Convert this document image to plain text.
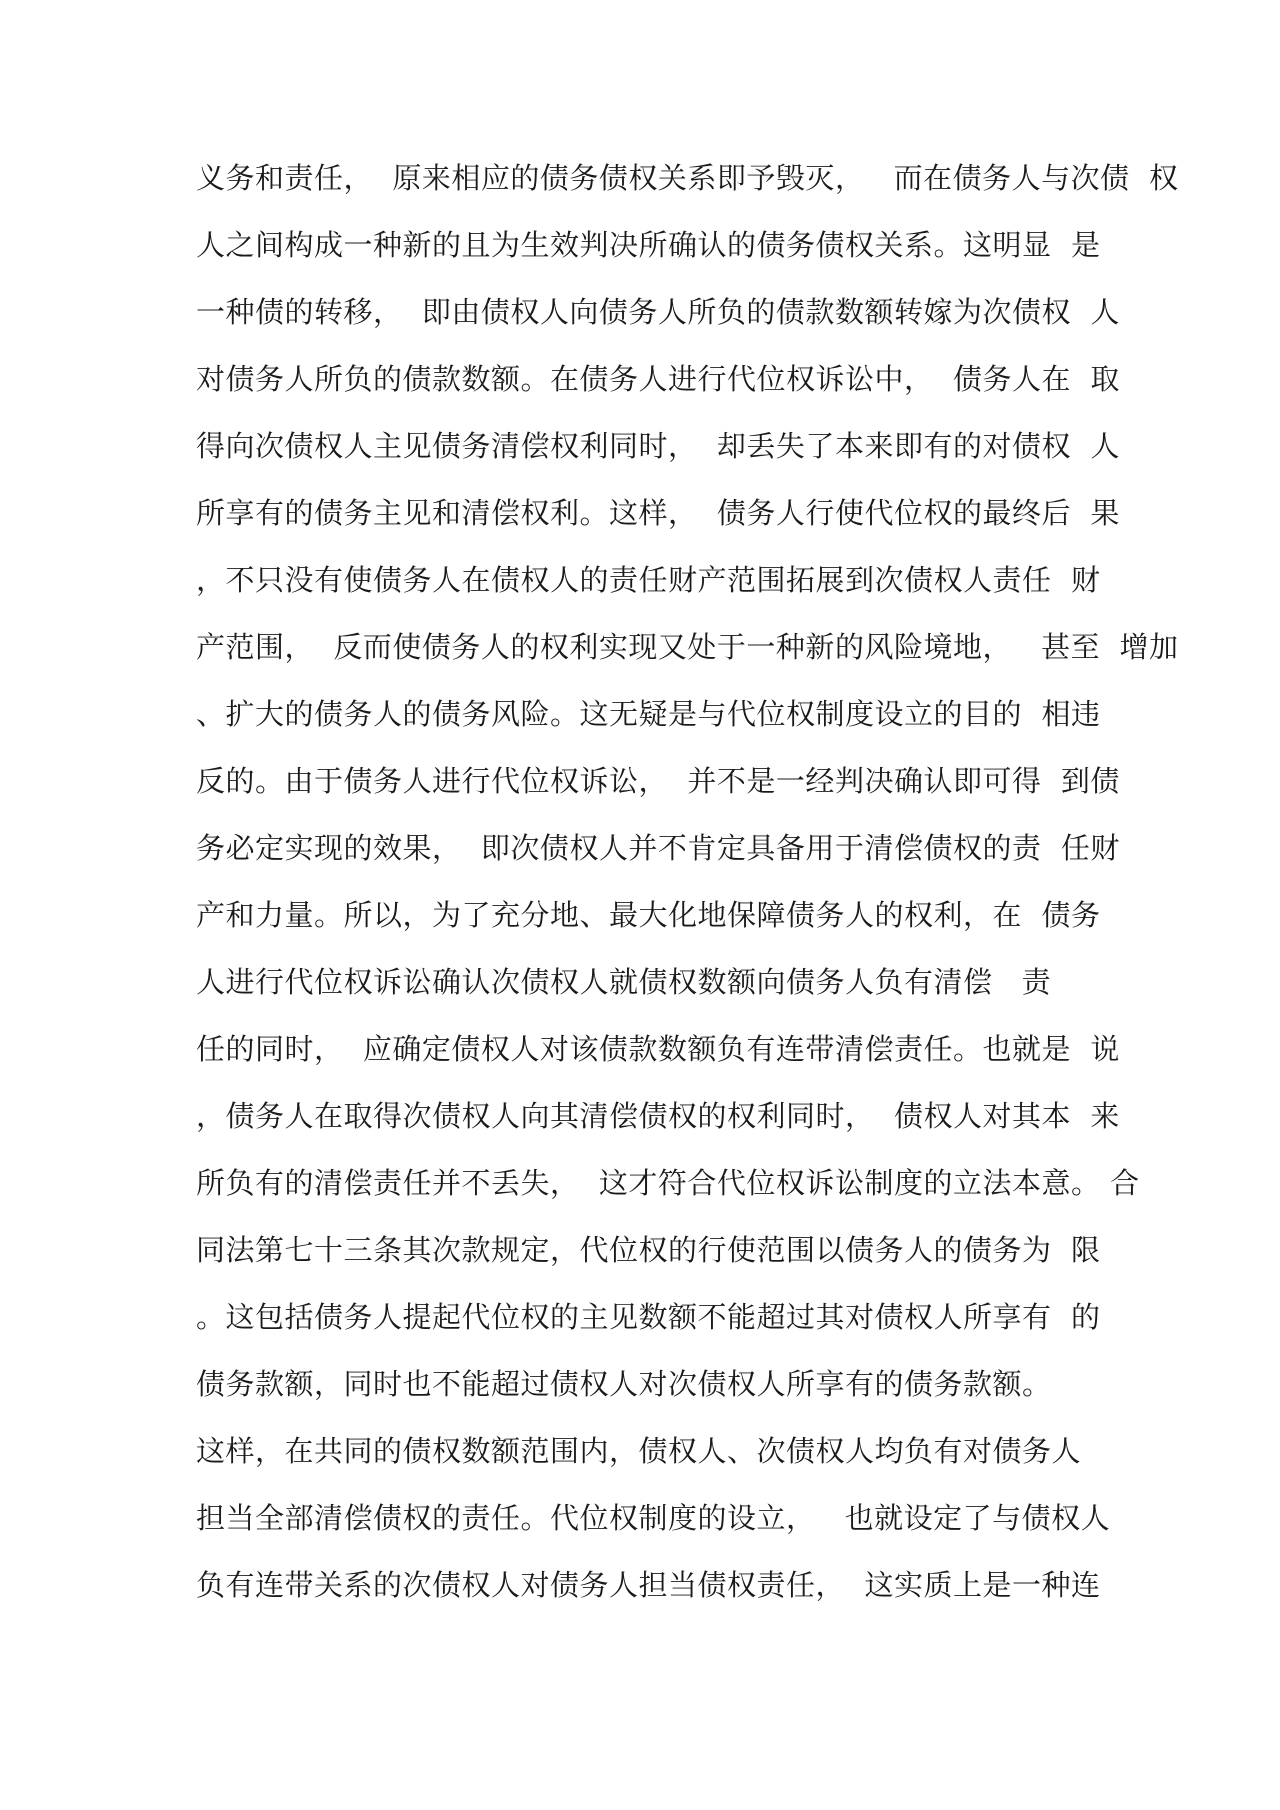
义务和责任，  原来相应的债务债权关系即予毁灭，   而在债务人与次债  权
人之间构成一种新的且为生效判决所确认的债务债权关系。这明显  是
一种债的转移，  即由债权人向债务人所负的债款数额转嫁为次债权  人
对债务人所负的债款数额。在债务人进行代位权诉讼中，  债务人在  取
得向次债权人主见债务清偿权利同时，  却丢失了本来即有的对债权  人
所享有的债务主见和清偿权利。这样，  债务人行使代位权的最终后  果
，不只没有使债务人在债权人的责任财产范围拓展到次债权人责任  财
产范围，  反而使债务人的权利实现又处于一种新的风险境地，   甚至  增加
、扩大的债务人的债务风险。这无疑是与代位权制度设立的目的  相违
反的。由于债务人进行代位权诉讼，  并不是一经判决确认即可得  到债
务必定实现的效果，  即次债权人并不肯定具备用于清偿债权的责  任财
产和力量。所以，为了充分地、最大化地保障债务人的权利，在  债务
人进行代位权诉讼确认次债权人就债权数额向债务人负有清偿   责
任的同时，  应确定债权人对该债款数额负有连带清偿责任。也就是  说
，债务人在取得次债权人向其清偿债权的权利同时，  债权人对其本  来
所负有的清偿责任并不丢失，  这才符合代位权诉讼制度的立法本意。 合
同法第七十三条其次款规定，代位权的行使范围以债务人的债务为  限
。这包括债务人提起代位权的主见数额不能超过其对债权人所享有  的
债务款额，同时也不能超过债权人对次债权人所享有的债务款额。
这样，在共同的债权数额范围内，债权人、次债权人均负有对债务人
担当全部清偿债权的责任。代位权制度的设立，   也就设定了与债权人
负有连带关系的次债权人对债务人担当债权责任，  这实质上是一种连
